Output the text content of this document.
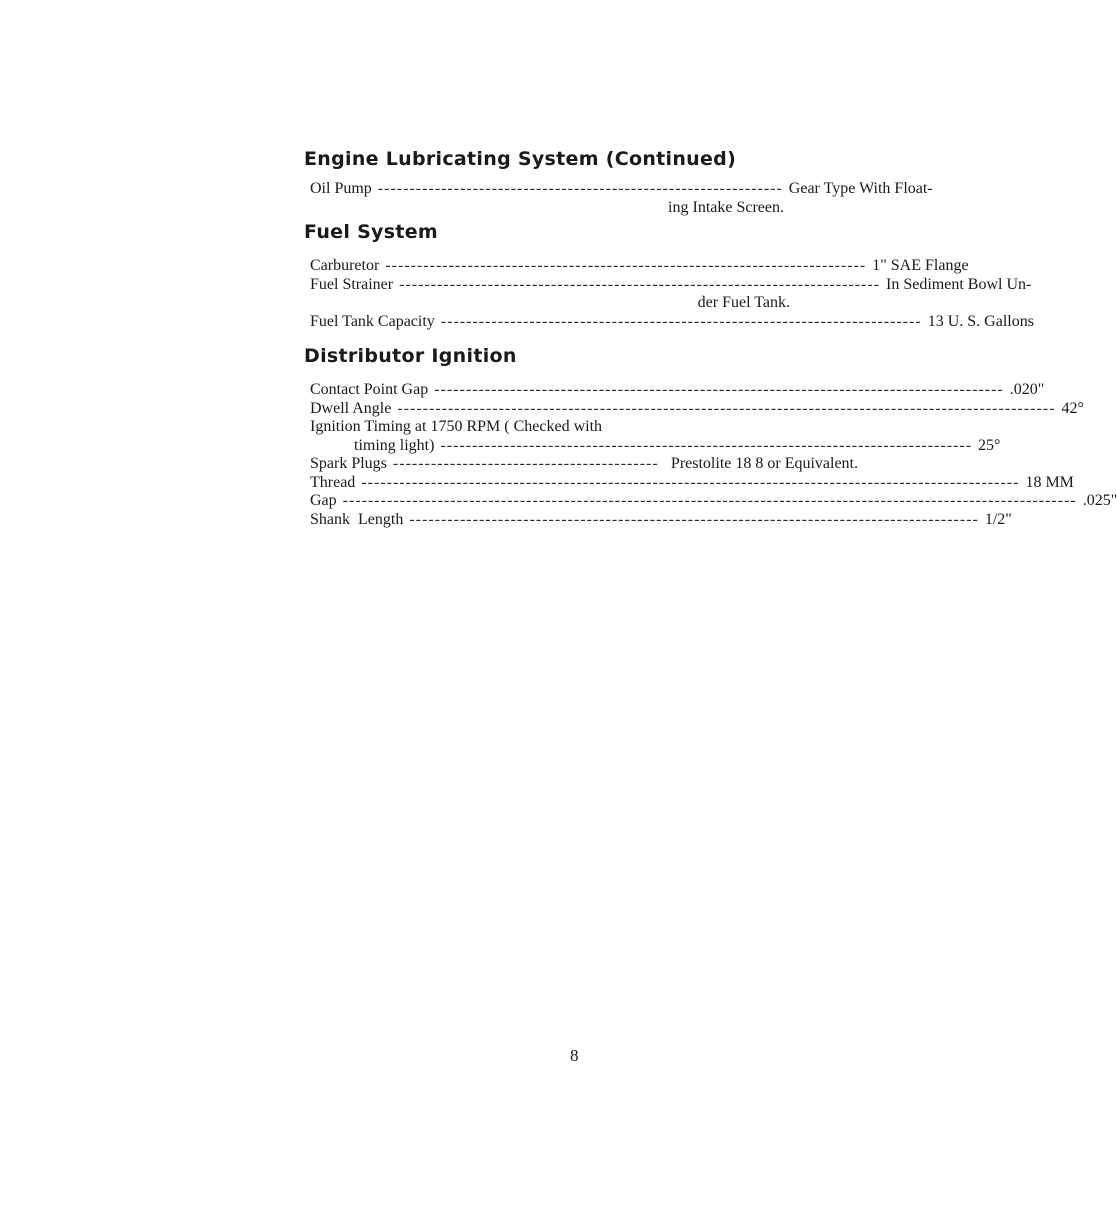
Engine Lubricating System (Continued)
Oil Pump ---------------------------------------------------------------- Gear Type With Float-
ing Intake Screen.
Fuel System
Carburetor ---------------------------------------------------------------------------- 1" SAE Flange
Fuel Strainer ---------------------------------------------------------------------------- In Sediment Bowl Un-
der Fuel Tank.
Fuel Tank Capacity ---------------------------------------------------------------------------- 13 U. S. Gallons
Distributor Ignition
Contact Point Gap ------------------------------------------------------------------------------------------ .020"
Dwell Angle -------------------------------------------------------------------------------------------------------- 42°
Ignition Timing at 1750 RPM ( Checked with
timing light) ------------------------------------------------------------------------------------ 25°
Spark Plugs ------------------------------------------ Prestolite 18 8 or Equivalent.
Thread -------------------------------------------------------------------------------------------------------- 18 MM
Gap -------------------------------------------------------------------------------------------------------------------- .025"
Shank  Length ------------------------------------------------------------------------------------------ 1/2"
8
